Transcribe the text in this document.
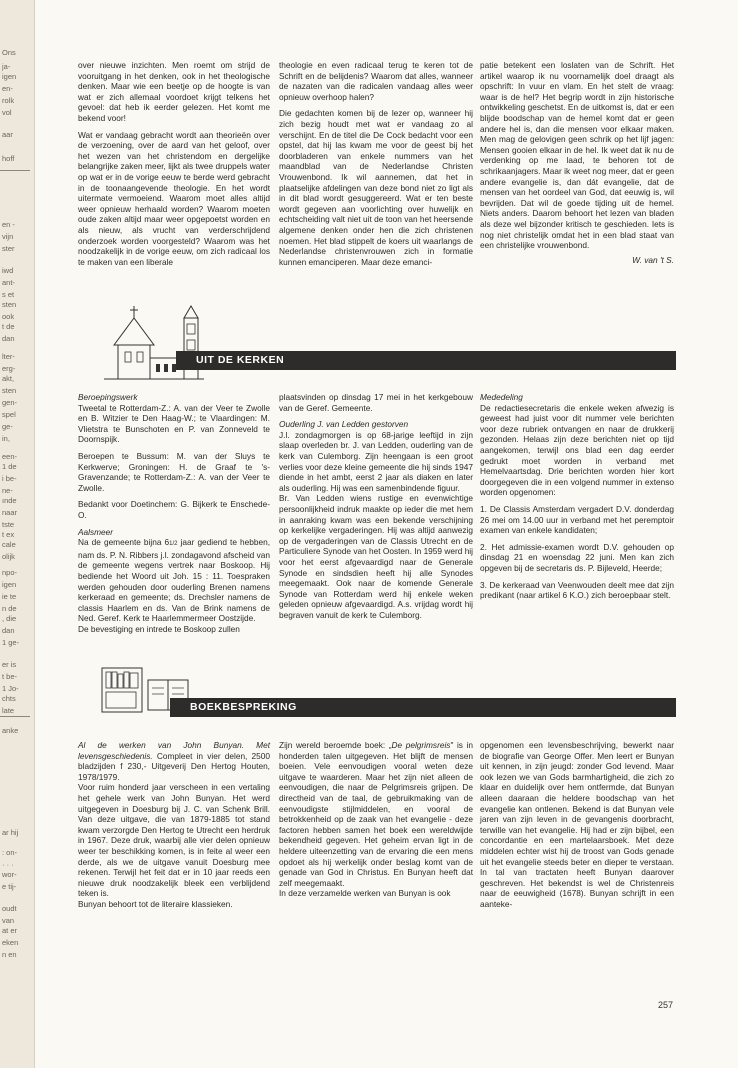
Ons
ja-
igen
en-
rolk
vol
aar
hoff
en -
vijn
ster
iwd
ant-
s et
sten
ook
t de
dan
lter-
erg-
akt,
sten
gen-
spel
ge-
in,
een-
1 de
i be-
ne-
ınde
naar
tste
t ex
cale
olijk
npo-
igen
ie te
n de
, die
dan
1 ge-
er is
t be-
1 Jo-
chts
late
anke
ar hij
: on-
· · ·
wor-
e tij-
oudt
van
at er
eken
n en

over nieuwe inzichten. Men roemt om strijd de vooruitgang in het denken, ook in het theologische denken. Maar wie een beetje op de hoogte is van wat er zich allemaal voordoet krijgt telkens het gevoel: dat heb ik eerder gelezen. Het komt me bekend voor!

Wat er vandaag gebracht wordt aan theorieën over de verzoening, over de aard van het geloof, over het wezen van het christendom en dergelijke belangrijke zaken meer, lijkt als twee druppels water op wat er in de vorige eeuw te berde werd gebracht in de toonaangevende theologie. En het wordt uitermate vermoeiend. Waarom moet alles altijd weer opnieuw herhaald worden? Waarom moeten oude zaken altijd maar weer opgepoetst worden en als nieuw, als vrucht van verderschrijdend onderzoek worden voorgesteld? Waarom was het noodzakelijk in de vorige eeuw, om zich radicaal los te maken van een liberale

theologie en even radicaal terug te keren tot de Schrift en de belijdenis? Waarom dat alles, wanneer de nazaten van die radicalen vandaag alles weer opnieuw overhoop halen?

Die gedachten komen bij de lezer op, wanneer hij zich bezig houdt met wat er vandaag zo al verschijnt. En de titel die De Cock bedacht voor een opstel, dat hij las kwam me voor de geest bij het doorbladeren van enkele nummers van het maandblad van de Nederlandse Christen Vrouwenbond. Ik wil aannemen, dat het in plaatselijke afdelingen van deze bond niet zo ligt als in dit blad wordt gesuggereerd. Wat er ten beste wordt gegeven aan voorlichting over huwelijk en echtscheiding valt niet uit de toon van het heersende algemene denken onder hen die zich christenen noemen. Het blad stippelt de koers uit waarlangs de Nederlandse christenvrouwen zich in formatie kunnen emanciperen. Maar deze emanci-

patie betekent een loslaten van de Schrift. Het artikel waarop ik nu voornamelijk doel draagt als opschrift: In vuur en vlam. En het stelt de vraag: waar is de hel? Het begrip wordt in zijn historische ontwikkeling geschetst. En de uitkomst is, dat er een blijde boodschap van de hemel komt dat er geen andere hel is, dan die mensen voor elkaar maken. Men mag de gelovigen geen schrik op het lijf jagen: Mensen gooien elkaar in de hel. Ik weet dat ik nu de verdenking op me laad, te behoren tot de schrikaanjagers. Maar ik weet nog meer, dat er geen andere evangelie is, dan dát evangelie, dat de mensen van het oordeel van God, dat eeuwig is, wil bevrijden. Dat wil de goede tijding uit de hemel. Niets anders. Daarom behoort het lezen van bladen als deze wel bijzonder kritisch te geschieden. Iets is nog niet christelijk omdat het in een blad staat van een christelijke vrouwenbond.

W. van 't S.
UIT DE KERKEN
Beroepingswerk

Tweetal te Rotterdam-Z.: A. van der Veer te Zwolle en B. Witzier te Den Haag-W.; te Vlaardingen: M. Vlietstra te Bunschoten en P. van Zonneveld te Doornspijk.

Beroepen te Bussum: M. van der Sluys te Kerkwerve; Groningen: H. de Graaf te 's-Gravenzande; te Rotterdam-Z.: A. van der Veer te Zwolle.

Bedankt voor Doetinchem: G. Bijkerk te Enschede-O.

Aalsmeer

Na de gemeente bijna 61/2 jaar gediend te hebben, nam ds. P. N. Ribbers j.l. zondagavond afscheid van de gemeente wegens vertrek naar Boskoop. Hij bediende het Woord uit Joh. 15 : 11. Toespraken werden gehouden door ouderling Brenen namens kerkeraad en gemeente; ds. Drechsler namens de classis Haarlem en ds. Van de Brink namens de Ned. Geref. Kerk te Haarlemmermeer Oostzijde.

De bevestiging en intrede te Boskoop zullen

plaatsvinden op dinsdag 17 mei in het kerkgebouw van de Geref. Gemeente.

Ouderling J. van Ledden gestorven

J.l. zondagmorgen is op 68-jarige leeftijd in zijn slaap overleden br. J. van Ledden, ouderling van de kerk van Culemborg. Zijn heengaan is een groot verlies voor deze kleine gemeente die hij sinds 1947 diende in het ambt, eerst 2 jaar als diaken en later als ouderling. Hij was een samenbindende figuur.

Br. Van Ledden wiens rustige en evenwichtige persoonlijkheid indruk maakte op ieder die met hem in aanraking kwam was een bekende verschijning op kerkelijke vergaderingen. Hij was altijd aanwezig op de vergaderingen van de Classis Utrecht en de Particuliere Synode van het Oosten. In 1959 werd hij voor het eerst afgevaardigd naar de Generale Synode en sindsdien heeft hij alle Synodes meegemaakt. Ook naar de komende Generale Synode van Rotterdam werd hij enkele weken geleden opnieuw afgevaardigd. A.s. vrijdag wordt hij begraven vanuit de kerk te Culemborg.

Mededeling

De redactiesecretaris die enkele weken afwezig is geweest had juist voor dit nummer vele berichten voor deze rubriek ontvangen en naar de drukkerij gezonden. Helaas zijn deze berichten niet op tijd aangekomen, terwijl ons blad een dag eerder gedrukt moet worden in verband met Hemelvaartsdag. Drie berichten worden hier kort doorgegeven die in een volgend nummer in extenso worden opgenomen:

1. De Classis Amsterdam vergadert D.V. donderdag 26 mei om 14.00 uur in verband met het peremptoir examen van enkele kandidaten;

2. Het admissie-examen wordt D.V. gehouden op dinsdag 21 en woensdag 22 juni. Men kan zich opgeven bij de secretaris ds. P. Bijleveld, Heerde;

3. De kerkeraad van Veenwouden deelt mee dat zijn predikant (naar artikel 6 K.O.) zich beroepbaar stelt.

BOEKBESPREKING

Al de werken van John Bunyan. Met levensgeschiedenis. Compleet in vier delen, 2500 bladzijden f 230,- Uitgeverij Den Hertog Houten, 1978/1979.

Voor ruim honderd jaar verscheen in een vertaling het gehele werk van John Bunyan. Het werd uitgegeven in Doesburg bij J. C. van Schenk Brill. Van deze uitgave, die van 1879-1885 tot stand kwam verzorgde Den Hertog te Utrecht een herdruk in 1967. Deze druk, waarbij alle vier delen opnieuw weer ter beschikking komen, is in feite al weer een derde, als we de uitgave vanuit Doesburg mee rekenen. Terwijl het feit dat er in 10 jaar reeds een nieuwe druk noodzakelijk bleek een verblijdend teken is.

Bunyan behoort tot de literaire klassieken.

Zijn wereld beroemde boek: „De pelgrimsreis" is in honderden talen uitgegeven. Het blijft de mensen boeien. Vele eenvoudigen vooral weten deze uitgave te waarderen. Maar het zijn niet alleen de eenvoudigen, die naar de Pelgrimsreis grijpen. De directheid van de taal, de gebruikmaking van de eenvoudigste stijlmiddelen, en vooral de betrokkenheid op de zaak van het evangelie - deze factoren hebben samen het boek een wereldwijde bekendheid gegeven. Het geheim ervan ligt in de heldere uiteenzetting van de ervaring die een mens opdoet als hij werkelijk onder beslag komt van de genade van God in Christus. En Bunyan heeft dat zelf meegemaakt.

In deze verzamelde werken van Bunyan is ook

opgenomen een levensbeschrijving, bewerkt naar de biografie van George Offer. Men leert er Bunyan uit kennen, in zijn jeugd: zonder God levend. Maar ook lezen we van Gods barmhartigheid, die zich zo klaar en duidelijk over hem ontfermde, dat Bunyan alleen daaraan die heldere boodschap van het evangelie kan ontlenen. Bekend is dat Bunyan vele jaren van zijn leven in de gevangenis doorbracht, terwille van het evangelie. Hij had er zijn bijbel, een concordantie en een martelaarsboek. Met deze middelen echter wist hij de troost van Gods genade uit het evangelie steeds beter en dieper te verstaan. In tal van tractaten heeft Bunyan daarover geschreven. Het bekendst is wel de Christenreis naar de eeuwigheid (1678). Bunyan schrijft in een aanteke-

257
